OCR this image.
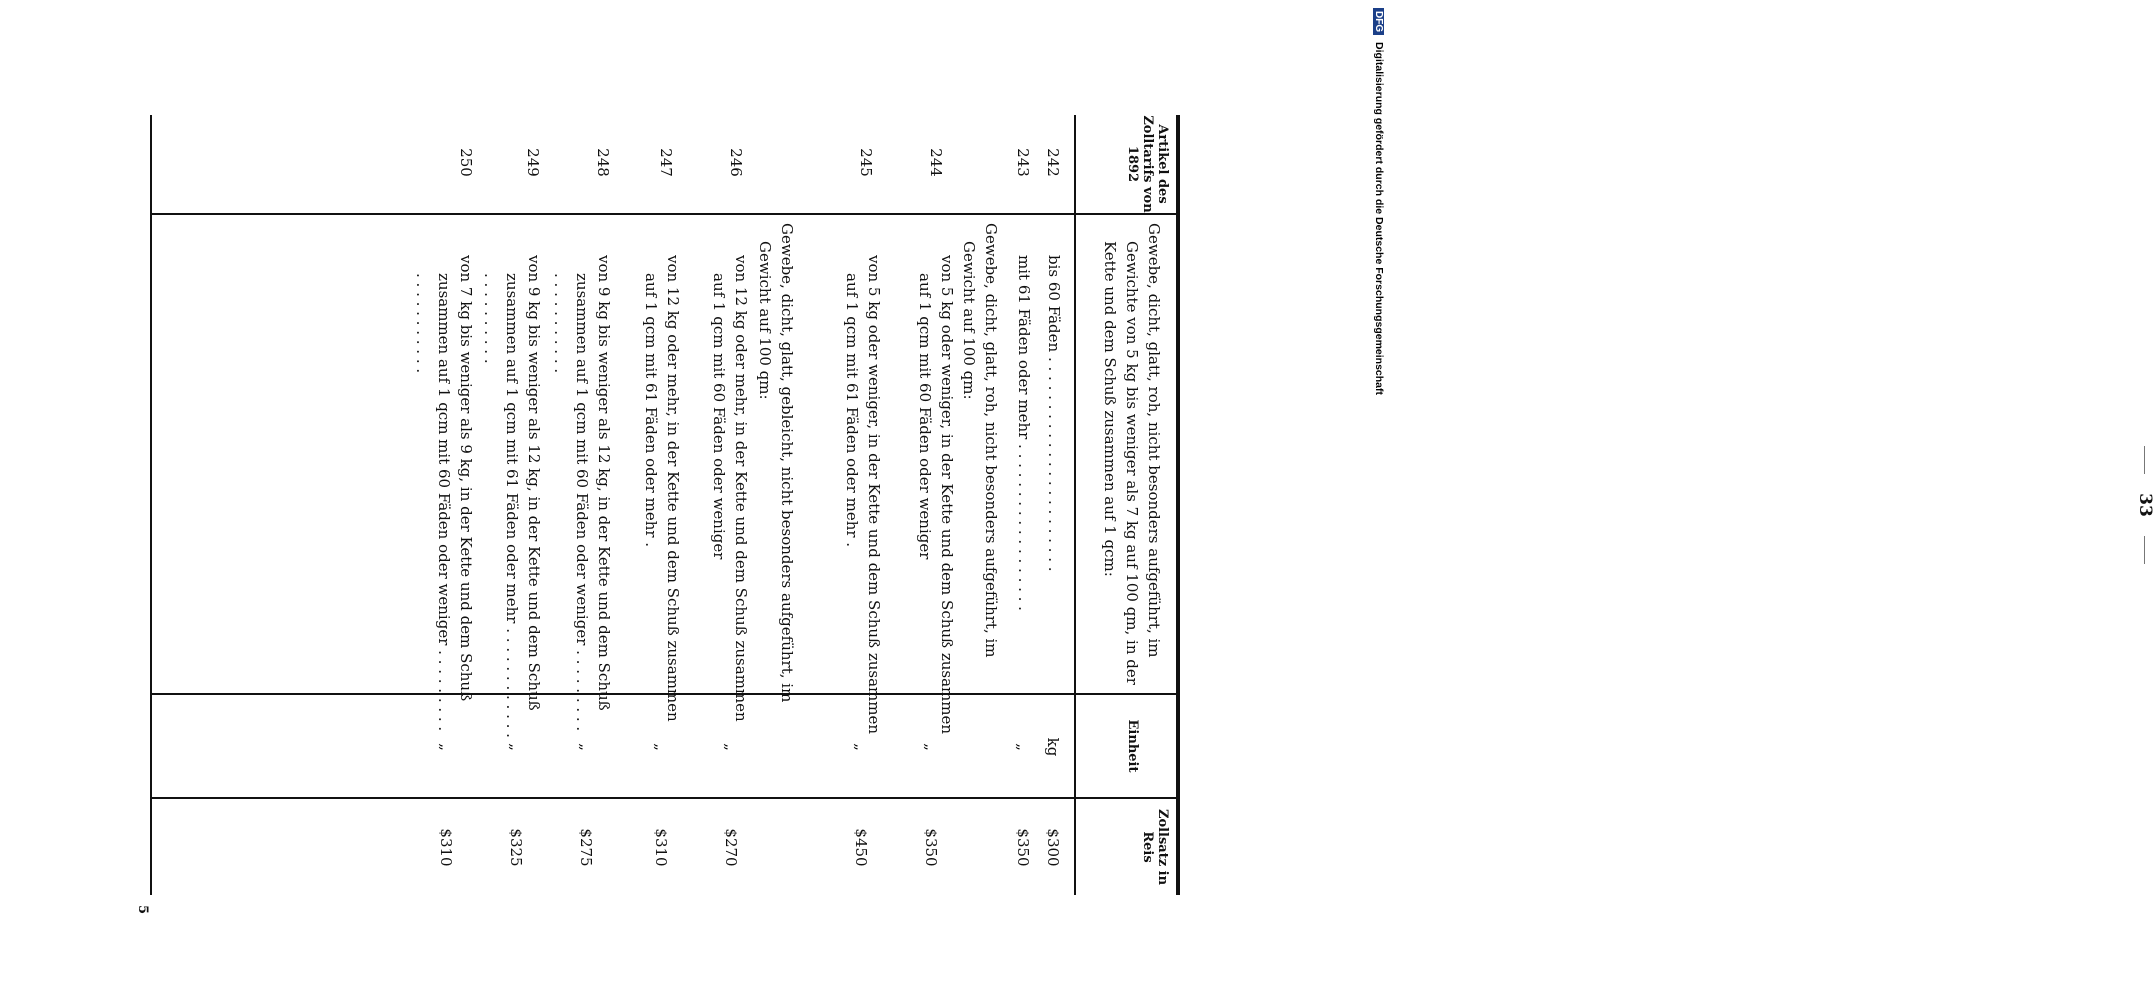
33
Artikel des Zolltarifs von 1892
Einheit
Zollsatz in Reis
Gewebe, dicht, glatt, roh, nicht besonders aufgeführt, im Gewichte von 5 kg bis weniger als 7 kg auf 100 qm, in der Kette und dem Schuß zusammen auf 1 qcm:
242
bis 60 Fäden . . . . . . . . . . . . . . . . . . . . . . .
kg
$300
243
mit 61 Fäden oder mehr . . . . . . . . . . . . . . . . . .
„
$350
Gewebe, dicht, glatt, roh, nicht besonders aufgeführt, im Gewicht auf 100 qm:
244
von 5 kg oder weniger, in der Kette und dem Schuß zusammen auf 1 qcm mit 60 Fäden oder weniger
„
$350
245
von 5 kg oder weniger, in der Kette und dem Schuß zusammen auf 1 qcm mit 61 Fäden oder mehr .
„
$450
Gewebe, dicht, glatt, gebleicht, nicht besonders aufgeführt, im Gewicht auf 100 qm:
246
von 12 kg oder mehr, in der Kette und dem Schuß zusammen auf 1 qcm mit 60 Fäden oder weniger
„
$270
247
von 12 kg oder mehr, in der Kette und dem Schuß zusammen auf 1 qcm mit 61 Fäden oder mehr .
„
$310
248
von 9 kg bis weniger als 12 kg, in der Kette und dem Schuß zusammen auf 1 qcm mit 60 Fäden oder weniger . . . . . . . . . . . . . . . . . . . .
„
$275
249
von 9 kg bis weniger als 12 kg, in der Kette und dem Schuß zusammen auf 1 qcm mit 61 Fäden oder mehr . . . . . . . . . . . . . . . . . . . . . .
„
$325
250
von 7 kg bis weniger als 9 kg, in der Kette und dem Schuß zusammen auf 1 qcm mit 60 Fäden oder weniger . . . . . . . . . . . . . . . . . . . .
„
$310
5
DFG Digitalisierung gefördert durch die Deutsche Forschungsgemeinschaft
